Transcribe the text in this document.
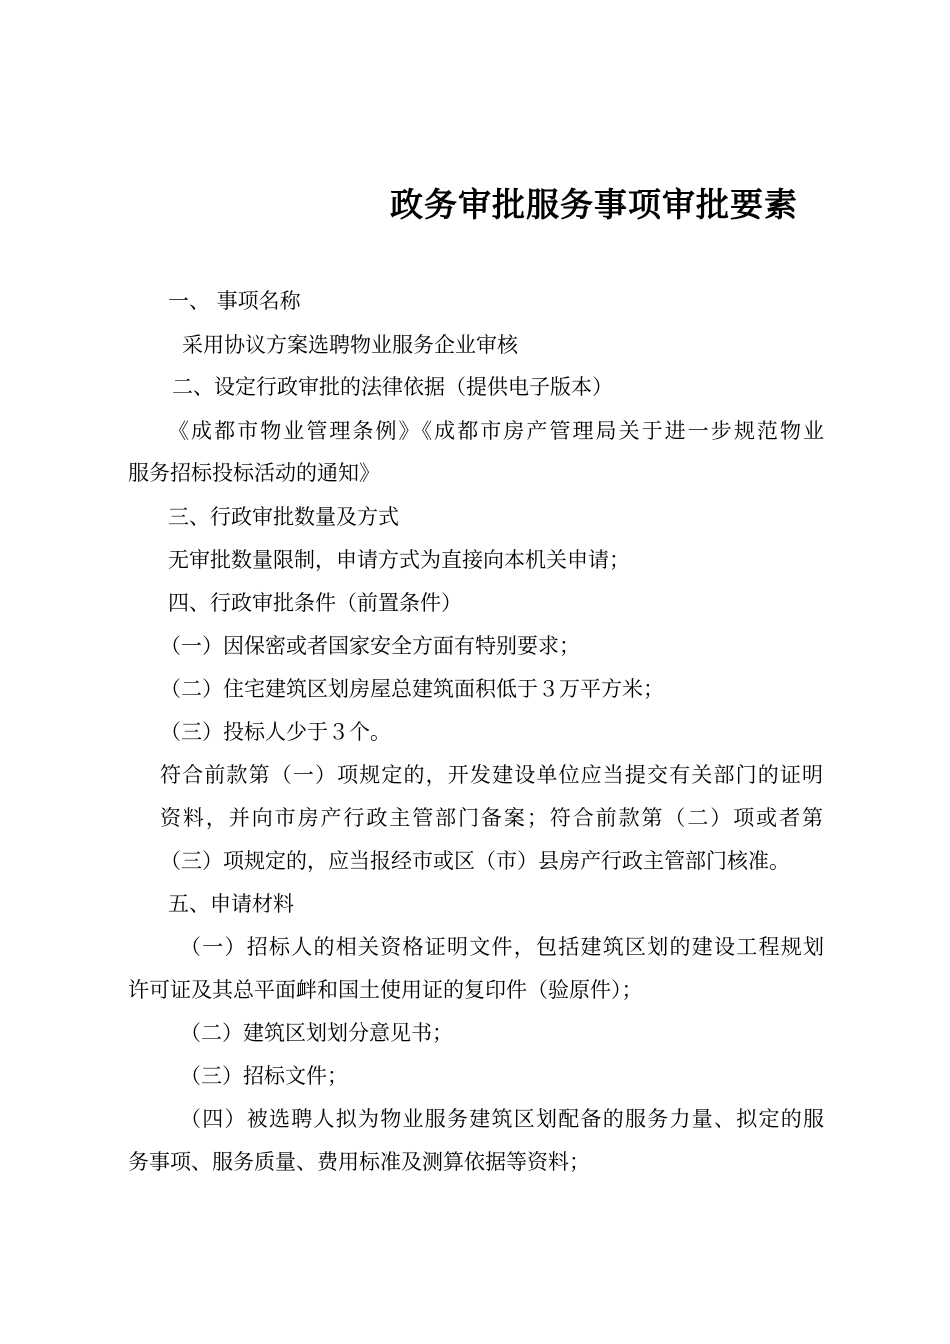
政务审批服务事项审批要素
一、 事项名称
采用协议方案选聘物业服务企业审核
二、设定行政审批的法律依据（提供电子版本）
《成都市物业管理条例》《成都市房产管理局关于进一步规范物业
服务招标投标活动的通知》
三、行政审批数量及方式
无审批数量限制，申请方式为直接向本机关申请；
四、行政审批条件（前置条件）
（一）因保密或者国家安全方面有特别要求；
（二）住宅建筑区划房屋总建筑面积低于３万平方米；
（三）投标人少于３个。
符合前款第（一）项规定的，开发建设单位应当提交有关部门的证明
资料，并向市房产行政主管部门备案；符合前款第（二）项或者第
（三）项规定的，应当报经市或区（市）县房产行政主管部门核准。
五、申请材料
（一）招标人的相关资格证明文件，包括建筑区划的建设工程规划
许可证及其总平面衅和国土使用证的复印件（验原件）；
（二）建筑区划划分意见书；
（三）招标文件；
（四）被选聘人拟为物业服务建筑区划配备的服务力量、拟定的服
务事项、服务质量、费用标准及测算依据等资料；
